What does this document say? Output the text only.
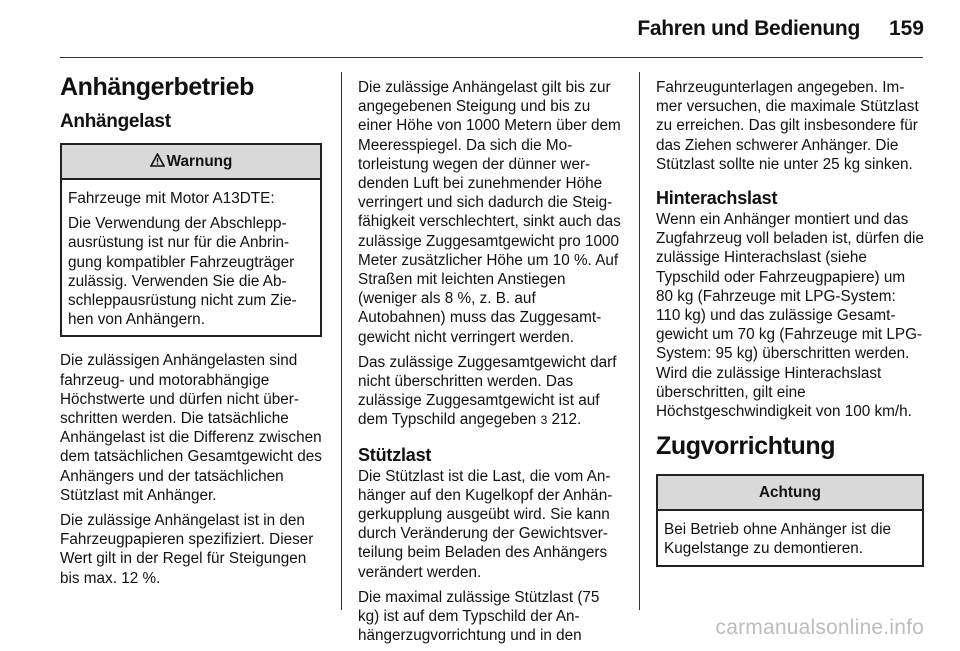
Fahren und Bedienung	159
Anhängerbetrieb
Anhängelast
Warnung

Fahrzeuge mit Motor A13DTE:

Die Verwendung der Abschleppausrüstung ist nur für die Anbringung kompatibler Fahrzeugträger zulässig. Verwenden Sie die Abschleppausrüstung nicht zum Ziehen von Anhängern.

Die zulässigen Anhängelasten sind fahrzeug- und motorabhängige Höchstwerte und dürfen nicht überschritten werden. Die tatsächliche Anhängelast ist die Differenz zwischen dem tatsächlichen Gesamtgewicht des Anhängers und der tatsächlichen Stützlast mit Anhänger.

Die zulässige Anhängelast ist in den Fahrzeugpapieren spezifiziert. Dieser Wert gilt in der Regel für Steigungen bis max. 12 %.

Die zulässige Anhängelast gilt bis zur angegebenen Steigung und bis zu einer Höhe von 1000 Metern über dem Meeresspiegel. Da sich die Motorleistung wegen der dünner werdenden Luft bei zunehmender Höhe verringert und sich dadurch die Steigfähigkeit verschlechtert, sinkt auch das zulässige Zuggesamtgewicht pro 1000 Meter zusätzlicher Höhe um 10 %. Auf Straßen mit leichten Anstiegen (weniger als 8 %, z. B. auf Autobahnen) muss das Zuggesamtgewicht nicht verringert werden.

Das zulässige Zuggesamtgewicht darf nicht überschritten werden. Das zulässige Zuggesamtgewicht ist auf dem Typschild angegeben 3 212.

Stützlast

Die Stützlast ist die Last, die vom Anhänger auf den Kugelkopf der Anhängerkupplung ausgeübt wird. Sie kann durch Veränderung der Gewichtsverteilung beim Beladen des Anhängers verändert werden.

Die maximal zulässige Stützlast (75 kg) ist auf dem Typschild der Anhängerzugvorrichtung und in den

Fahrzeugunterlagen angegeben. Immer versuchen, die maximale Stützlast zu erreichen. Das gilt insbesondere für das Ziehen schwerer Anhänger. Die Stützlast sollte nie unter 25 kg sinken.

Hinterachslast

Wenn ein Anhänger montiert und das Zugfahrzeug voll beladen ist, dürfen die zulässige Hinterachslast (siehe Typschild oder Fahrzeugpapiere) um 80 kg (Fahrzeuge mit LPG-System: 110 kg) und das zulässige Gesamtgewicht um 70 kg (Fahrzeuge mit LPG-System: 95 kg) überschritten werden. Wird die zulässige Hinterachslast überschritten, gilt eine Höchstgeschwindigkeit von 100 km/h.

Zugvorrichtung
Achtung

Bei Betrieb ohne Anhänger ist die Kugelstange zu demontieren.

carmanualsonline.info
